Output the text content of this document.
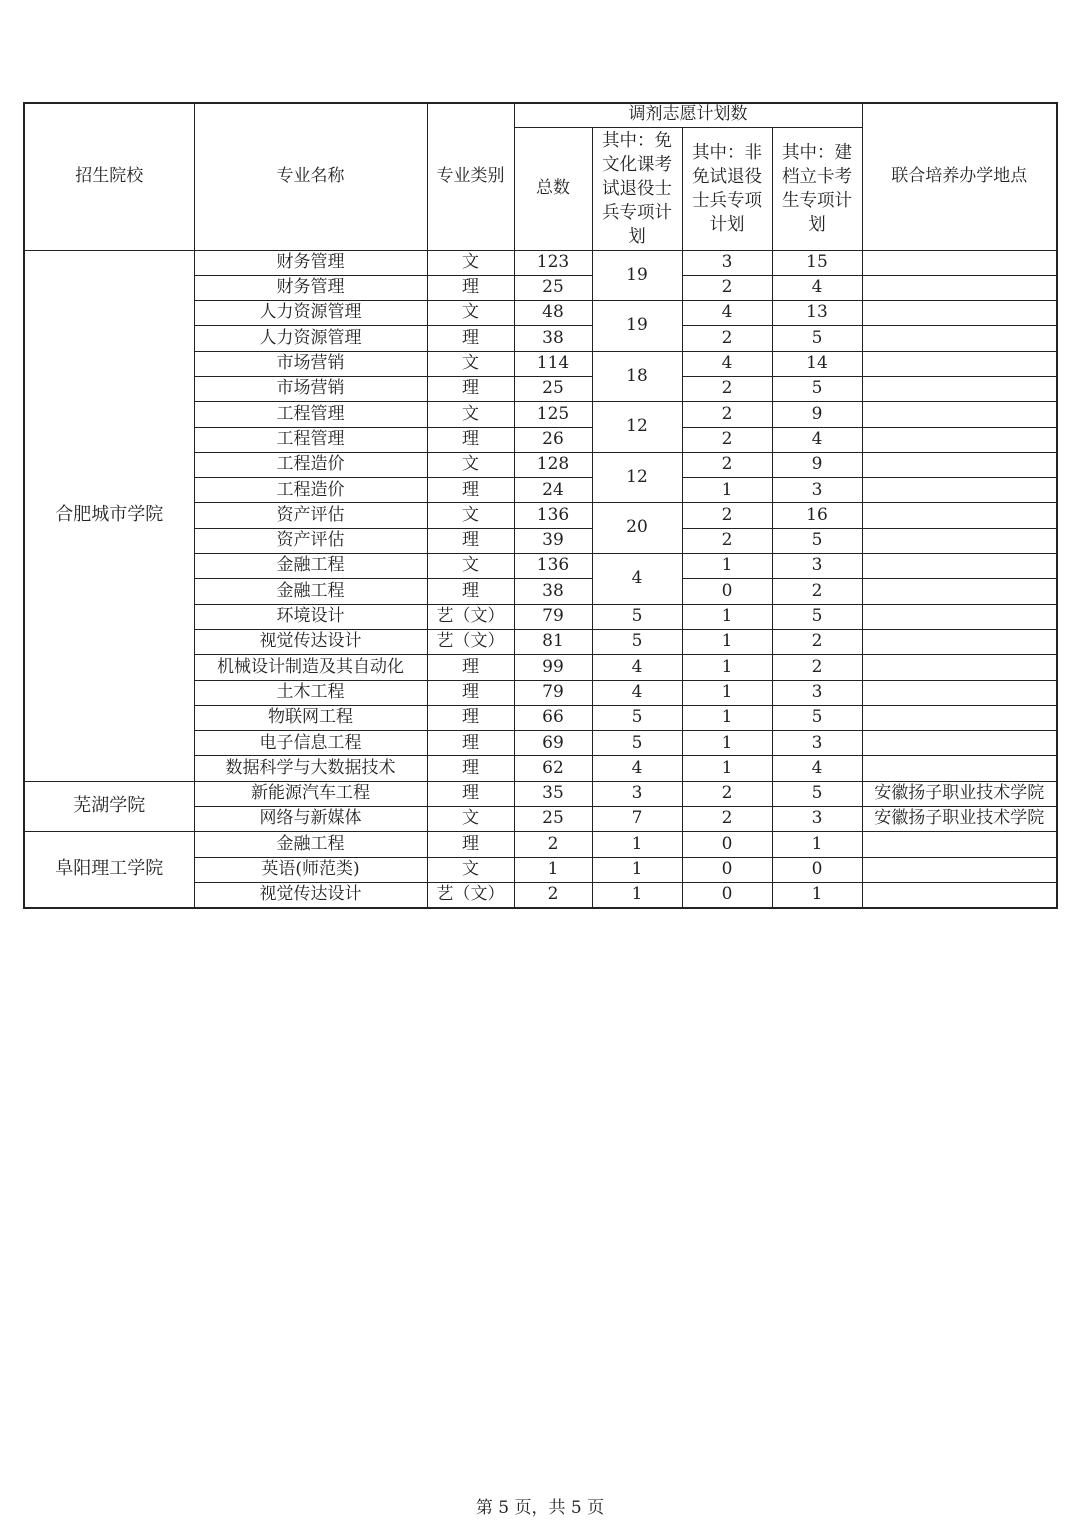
招生院校	专业名称	专业类别	调剂志愿计划数				联合培养办学地点
			总数	其中：免文化课考试退役士兵专项计划	其中：非免试退役士兵专项计划	其中：建档立卡考生专项计划	
合肥城市学院	财务管理	文	123	19	3	15	
	财务管理	理	25		2	4	
	人力资源管理	文	48	19	4	13	
	人力资源管理	理	38		2	5	
	市场营销	文	114	18	4	14	
	市场营销	理	25		2	5	
	工程管理	文	125	12	2	9	
	工程管理	理	26		2	4	
	工程造价	文	128	12	2	9	
	工程造价	理	24		1	3	
	资产评估	文	136	20	2	16	
	资产评估	理	39		2	5	
	金融工程	文	136	4	1	3	
	金融工程	理	38		0	2	
	环境设计	艺（文）	79	5	1	5	
	视觉传达设计	艺（文）	81	5	1	2	
	机械设计制造及其自动化	理	99	4	1	2	
	土木工程	理	79	4	1	3	
	物联网工程	理	66	5	1	5	
	电子信息工程	理	69	5	1	3	
	数据科学与大数据技术	理	62	4	1	4	
芜湖学院	新能源汽车工程	理	35	3	2	5	安徽扬子职业技术学院
	网络与新媒体	文	25	7	2	3	安徽扬子职业技术学院
阜阳理工学院	金融工程	理	2	1	0	1	
	英语(师范类)	文	1	1	0	0	
	视觉传达设计	艺（文）	2	1	0	1	
第 5 页，共 5 页
